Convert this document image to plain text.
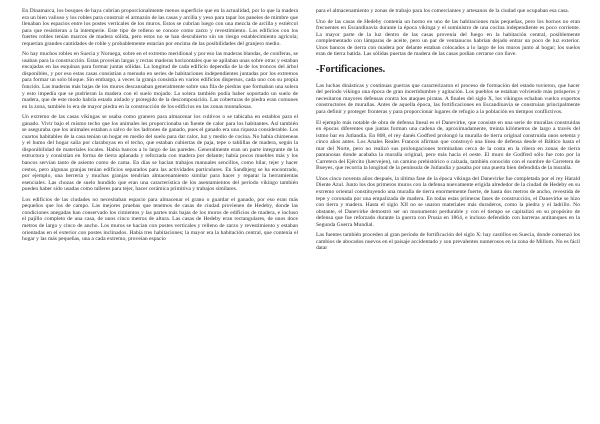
En Dinamarca, los bosques de haya cubrían proporcionalmente menos superficie que en la actualidad, por lo que la madera era un bien valioso y los robles para construir el armazón de las casas y arcilla y yeso para tapar los paneles de mimbre que llenaban los espacios entre los postes verticales de los muros. Estos se cubrían luego con una mezcla de arcilla y estiércol para que resistieran a la intemperie. Este tipo de relleno se conoce como zarzo y revestimiento. Los edificios con los fuertes robles tenían marcos de madera sólida, pero estos no se han descubierto sin un riesgo establecimiento agrícola; requerían grandes cantidades de roble y probablemente estarían por encima de las posibilidades del granjero medio.

No hay muchos robles en Suecia y Noruega, sobre en el extremo meridional y por eso las maderas blandas, de coníferas, se usaban para la construcción. Estas proveían largas y rectas maderas horizontales que se apilaban unas sobre otras y estaban encajadas en las esquinas para formar juntas sólidas. La longitud de cada edificio dependía de la de los troncos del árbol disponibles, y por eso estas casas consistían a menudo en series de habitaciones independientes juntadas por los extremos para formar un solo bloque. Sin embargo, a veces la granja consistía en varios edificios dispersos, cada uno con su propia función. Las maderas más bajas de los muros descansaban generalmente sobre una fila de piedras que formaban una solera y esto impedía que se pudrieran la madera con el suelo mojado. La solera también podía haber soportado un suelo de madera, que de este modo habría estado aislado y protegido de la descomposición. Las coberturas de piedra eran comunes en la zona, también lo era de mayor piedra en la construcción de los edificios en las zonas montañosas.

Un extremo de las casas vikingas se usaba como granero para almacenar los cultivos o se tabicaba en establos para el ganado. Vivir bajo el mismo techo que los animales les proporcionaba un fuente de calor para los habitantes. Así también se aseguraba que los animales estaban a salvo de los ladrones de ganado, pues el ganado era una riqueza considerable. Los cuartos habitables de la casa tenían un hogar en medio del suelo para dar calor, luz y medio de cocina. No había chimeneas y el humo del hogar salía por claraboyas en el techo, que estaban cubiertas de paja, tepe o tablillas de madera, según la disponibilidad de materiales locales. Había bancos a lo largo de las paredes. Generalmente eran un parte integrante de la estructura y consistían en forma de tierra aplanada y reforzada con madera por delante; había pocos muebles más y los bancos servían tanto de asiento como de cama. En días se hacían trabajos manuales sencillos, como hilar, tejer y hacer cestos, pero algunas granjas tenían edificios separados para las actividades particulares. En Sandbjerg se ha encontrado, por ejemplo, una herrería y muchas granjas tendrían almacenamiento similar para hacer y reparar la herramientas esenciales. Las chozas de suelo hundido que eran una característica de los asentamientos del período vikingo también pueden haber sido usadas como talleres para tejer, hacer cerámica primitiva y trabajos similares.

Los edificios de las ciudades no necesitaban espacio para almacenar el grano o guardar el ganado, por eso eran más pequeños que los de campo. Las mejores pruebas que tenemos de casas de ciudad provienen de Hedeby, donde las condiciones anegadas han conservado los cimientos y las partes más bajas de los muros de edificios de madera, e incluso el pajillo completo de una casa, de unos cinco metros de altura. Las casas de Hedeby eran rectangulares, de unos doce metros de largo y cinco de ancho. Los muros se hacían con postes verticales y relleno de zarzo y revestimiento y estaban orientadas en el exterior con postes inclinados. Había tres habitaciones; la mayor era la habitación central, que contenía el hogar y las más pequeñas, una a cada extremo, proveían espacio

para el almacenamiento y zonas de trabajo para los comerciantes y artesanos de la ciudad que ocupaban esa casa.

Uno de las casas de Hedeby contenía un horno en uno de las habitaciones más pequeñas, pero los hornos no eran frecuentes en Escandinavia durante la época vikinga y el suministro de una cocina independiente es poco corriente. La mayor parte de la luz dentro de las casas provenía del fuego en la habitación central, posiblemente complementado con lámparas de aceite, pero un par de ventanucos habrían dejado entrar un poco de luz exterior. Unos bancos de tierra con madera por delante estaban colocados a lo largo de los muros junto al hogar; los suelos eran de tierra batida. Las sólidas puertas de madera de las casas podían cerrarse con llave.

-Fortificaciones.

Las luchas dinásticas y continuas guerras que caracterizaron el proceso de formación del estado tuvieron, que hacer del período vikingo una época de gran incertidumbre y agitación. Los pueblos se estaban volviendo más prósperos y necesitaron mayores defensas contra los ataques piratas. A finales del siglo X, los vikingos echaban vuelco expertos constructores de murallas. Antes de aquella época, las fortificaciones en Escandinavia se construían principalmente para definir y proteger fronteras y para proporcionar lugares de refugio a la población en tiempos conflictivos.

El ejemplo más notable de obra de defensa lineal es el Danevirke, que consiste en una serie de murallas construidas en épocas diferentes que juntas forman una cadena de, aproximadamente, treinta kilómetros de largo a través del istmo bar en Jutlandia. En 808, el rey danés Godfred prolongó la muralla de tierra original construida unos setenta y cinco años antes. Los Anales Reales Francos afirman que construyó una línea de defensa desde el Báltico hasta el mar del Norte, pero no realizó sus prolongaciones terminaban cerca de la costa en la ribera en zonas de tierra pantanosas donde acababa la muralla original, pero más hacia el oeste. El muro de Godfred sólo fue roto por la Carretera del Ejército (hærvejen), un camino prehistórico o calzada, también conocido con el nombre de Carretera de Bueyes, que recorría la longitud de la península de Jutlandia y pasaba por una puerta bien defendida de la muralla.

Unos cinco noventa años después, la última fase de la época vikinga del Danevirke fue completada por el rey Harald Diente Azul. Junto los dos primeros muros con la defensa nuevamente erigida alrededor de la ciudad de Hedeby en su extremo oriental constituyendo una muralla de tierra enormemente fuerte, de hasta dos metros de ancho, revestida de tepe y coronada por una empalizada de madera. En todas estas primeras fases de construcción, el Danevirke se hizo con tierra y madera. Hasta el siglo XII no se usaron materiales más duraderos, como la piedra y el ladrillo. No obstante, el Danevirke demostró ser un monumento perdurable y con el tiempo se capitalizó en su propósito de defensa que fue reforzado durante la guerra con Prusia en 1864, e incluso defendido con barreras antitanques en la Segunda Guerra Mundial.

Las fuentes también proceden al gran período de fortificación del siglo X: hay castillos en Suecia, donde comenzó los cambios de abocados nuevos en el paisaje accidentado y son prevalentes numerosos en la zona de Millom. No es fácil datar
